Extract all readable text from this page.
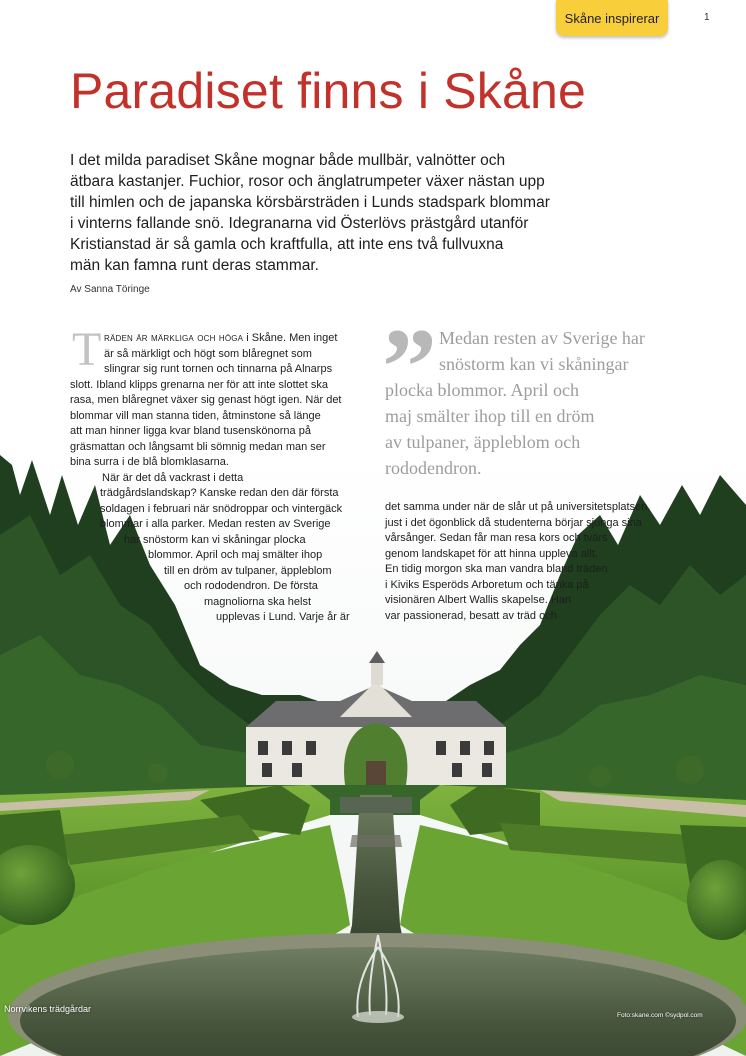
Skåne inspirerar	1
Paradiset finns i Skåne

I det milda paradiset Skåne mognar både mullbär, valnötter och
ätbara kastanjer. Fuchior, rosor och änglatrumpeter växer nästan upp
till himlen och de japanska körsbärsträden i Lunds stadspark blommar
i vinterns fallande snö. Idegranarna vid Österlövs prästgård utanför
Kristianstad är så gamla och kraftfulla, att inte ens två fullvuxna
män kan famna runt deras stammar.

Av Sanna Töringe
T räden är märkliga och höga i Skåne. Men inget
är så märkligt och högt som blåregnet som
slingrar sig runt tornen och tinnarna på Alnarps
slott. Ibland klipps grenarna ner för att inte slottet ska
rasa, men blåregnet växer sig genast högt igen. När det
blommar vill man stanna tiden, åtminstone så länge
att man hinner ligga kvar bland tusenskönorna på
gräsmattan och långsamt bli sömnig medan man ser
bina surra i de blå blomklasarna.
När är det då vackrast i detta
trädgårdslandskap? Kanske redan den där första
soldagen i februari när snödroppar och vintergäck
blommar i alla parker. Medan resten av Sverige
har snöstorm kan vi skåningar plocka
blommor. April och maj smälter ihop
till en dröm av tulpaner, äppleblom
och rododendron. De första
magnoliorna ska helst
upplevas i Lund. Varje år är

” Medan resten av Sverige har
snöstorm kan vi skåningar
plocka blommor. April och
maj smälter ihop till en dröm
av tulpaner, äppleblom och
rododendron.

det samma under när de slår ut på universitetsplatsen,
just i det ögonblick då studenterna börjar sjunga sina
vårsånger. Sedan får man resa kors och tvärs
genom landskapet för att hinna uppleva allt.
En tidig morgon ska man vandra bland träden
i Kiviks Esperöds Arboretum och tänka på
visionären Albert Wallis skapelse. Han
var passionerad, besatt av träd och

Norrvikens trädgårdar
Foto:skane.com ©sydpol.com
